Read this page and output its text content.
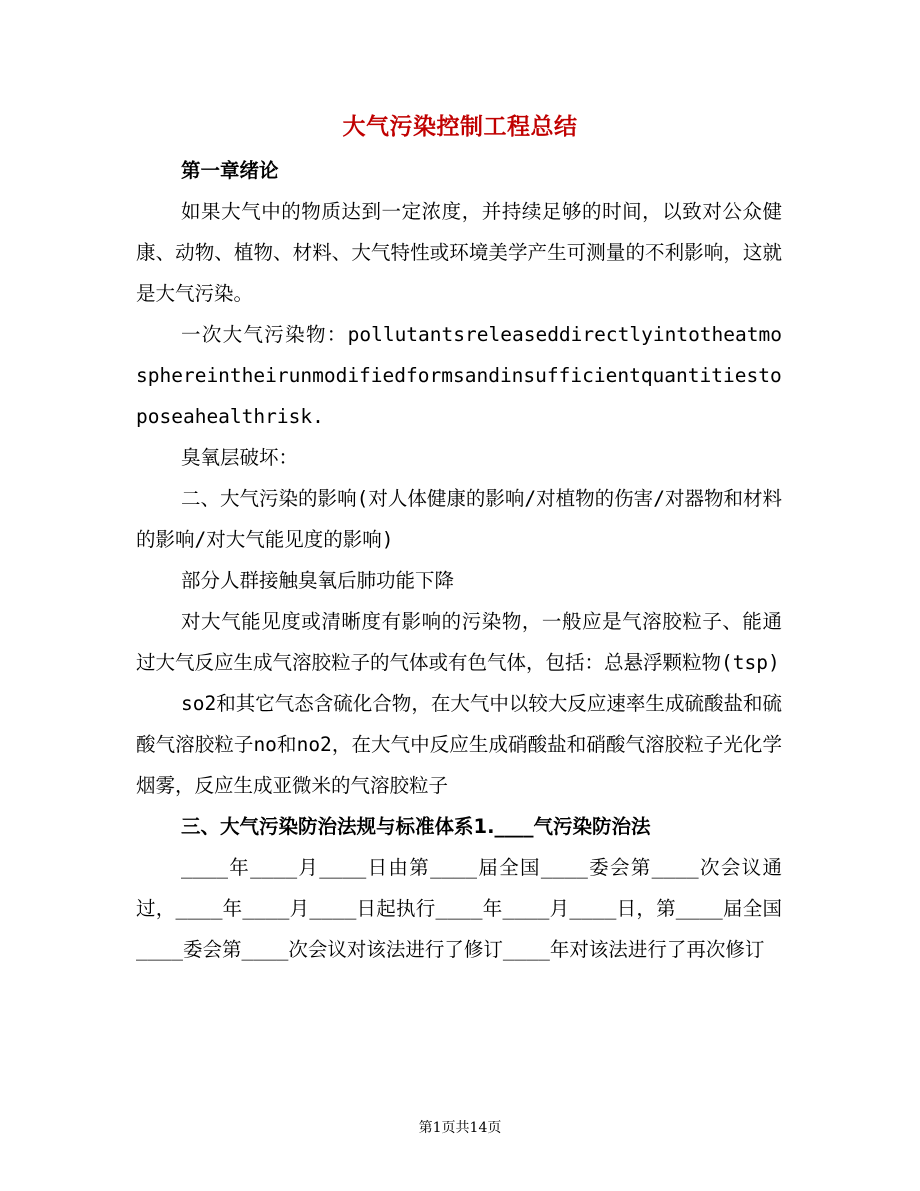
大气污染控制工程总结

第一章绪论

如果大气中的物质达到一定浓度，并持续足够的时间，以致对公众健康、动物、植物、材料、大气特性或环境美学产生可测量的不利影响，这就是大气污染。

一次大气污染物：pollutantsreleaseddirectlyintotheatmosphereintheirunmodifiedformsandinsufficientquantitiestoposeahealthrisk.

臭氧层破坏：

二、大气污染的影响(对人体健康的影响/对植物的伤害/对器物和材料的影响/对大气能见度的影响)

部分人群接触臭氧后肺功能下降

对大气能见度或清晰度有影响的污染物，一般应是气溶胶粒子、能通过大气反应生成气溶胶粒子的气体或有色气体，包括：总悬浮颗粒物(tsp)

so2和其它气态含硫化合物，在大气中以较大反应速率生成硫酸盐和硫酸气溶胶粒子no和no2，在大气中反应生成硝酸盐和硝酸气溶胶粒子光化学烟雾，反应生成亚微米的气溶胶粒子

三、大气污染防治法规与标准体系1.____气污染防治法

____年____月____日由第____届全国____委会第____次会议通过，____年____月____日起执行____年____月____日，第____届全国____委会第____次会议对该法进行了修订____年对该法进行了再次修订

第1页共14页
